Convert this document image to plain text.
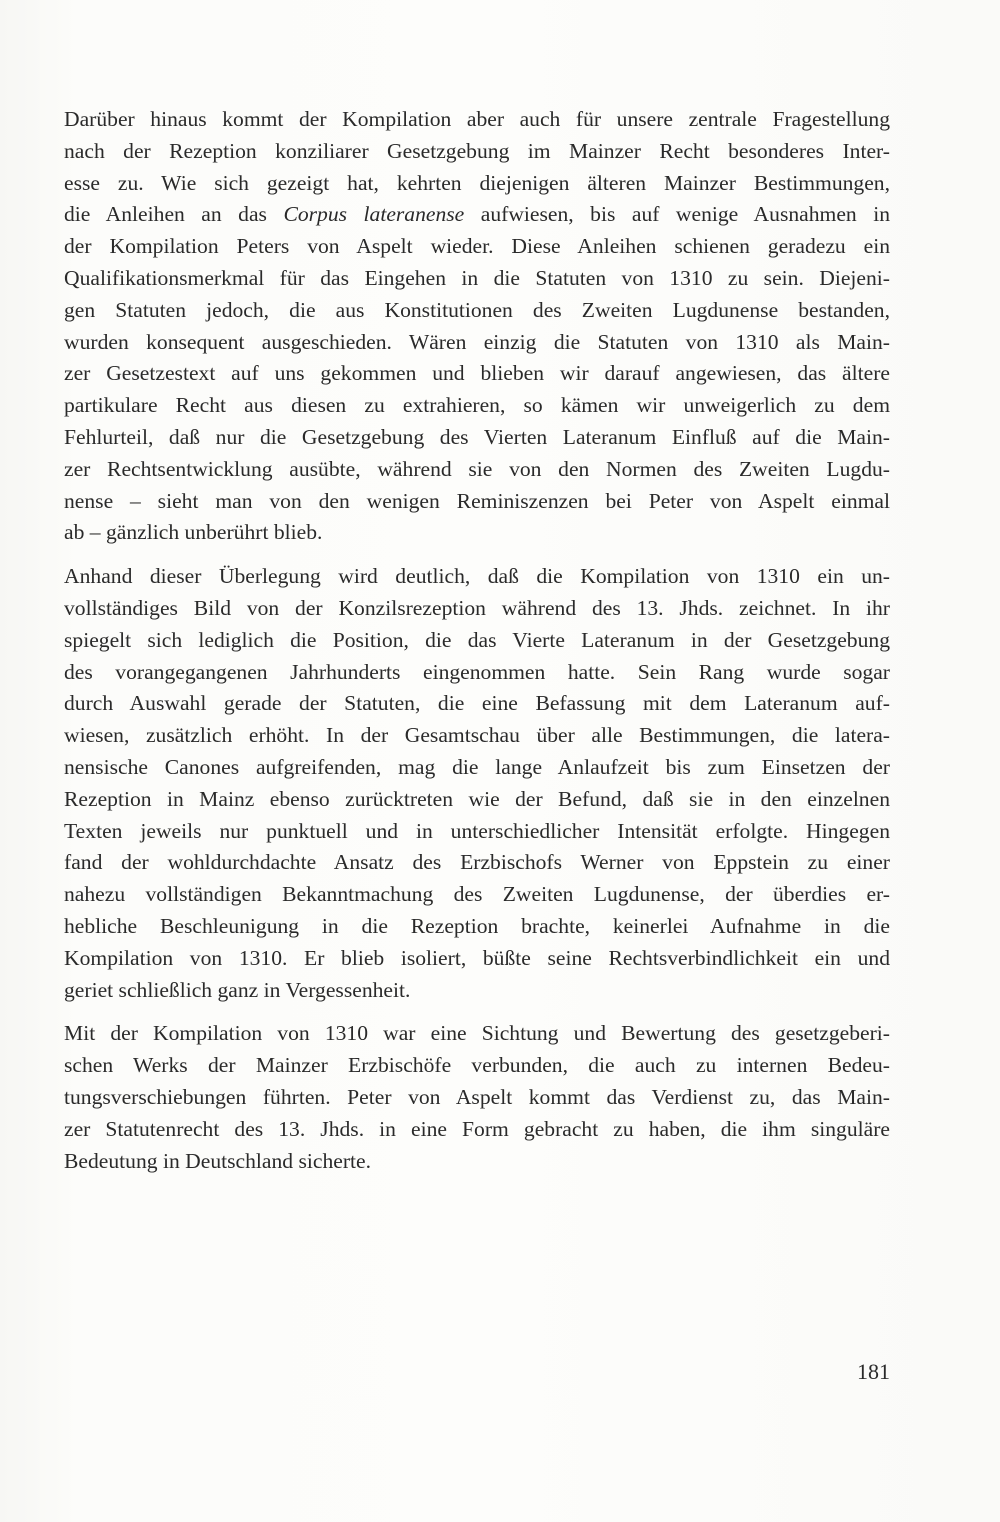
Darüber hinaus kommt der Kompilation aber auch für unsere zentrale Fragestellung
nach der Rezeption konziliarer Gesetzgebung im Mainzer Recht besonderes Inter-
esse zu. Wie sich gezeigt hat, kehrten diejenigen älteren Mainzer Bestimmungen,
die Anleihen an das Corpus lateranense aufwiesen, bis auf wenige Ausnahmen in
der Kompilation Peters von Aspelt wieder. Diese Anleihen schienen geradezu ein
Qualifikationsmerkmal für das Eingehen in die Statuten von 1310 zu sein. Diejeni-
gen Statuten jedoch, die aus Konstitutionen des Zweiten Lugdunense bestanden,
wurden konsequent ausgeschieden. Wären einzig die Statuten von 1310 als Main-
zer Gesetzestext auf uns gekommen und blieben wir darauf angewiesen, das ältere
partikulare Recht aus diesen zu extrahieren, so kämen wir unweigerlich zu dem
Fehlurteil, daß nur die Gesetzgebung des Vierten Lateranum Einfluß auf die Main-
zer Rechtsentwicklung ausübte, während sie von den Normen des Zweiten Lugdu-
nense – sieht man von den wenigen Reminiszenzen bei Peter von Aspelt einmal
ab – gänzlich unberührt blieb.

Anhand dieser Überlegung wird deutlich, daß die Kompilation von 1310 ein un-
vollständiges Bild von der Konzilsrezeption während des 13. Jhds. zeichnet. In ihr
spiegelt sich lediglich die Position, die das Vierte Lateranum in der Gesetzgebung
des vorangegangenen Jahrhunderts eingenommen hatte. Sein Rang wurde sogar
durch Auswahl gerade der Statuten, die eine Befassung mit dem Lateranum auf-
wiesen, zusätzlich erhöht. In der Gesamtschau über alle Bestimmungen, die latera-
nensische Canones aufgreifenden, mag die lange Anlaufzeit bis zum Einsetzen der
Rezeption in Mainz ebenso zurücktreten wie der Befund, daß sie in den einzelnen
Texten jeweils nur punktuell und in unterschiedlicher Intensität erfolgte. Hingegen
fand der wohldurchdachte Ansatz des Erzbischofs Werner von Eppstein zu einer
nahezu vollständigen Bekanntmachung des Zweiten Lugdunense, der überdies er-
hebliche Beschleunigung in die Rezeption brachte, keinerlei Aufnahme in die
Kompilation von 1310. Er blieb isoliert, büßte seine Rechtsverbindlichkeit ein und
geriet schließlich ganz in Vergessenheit.

Mit der Kompilation von 1310 war eine Sichtung und Bewertung des gesetzgeberi-
schen Werks der Mainzer Erzbischöfe verbunden, die auch zu internen Bedeu-
tungsverschiebungen führten. Peter von Aspelt kommt das Verdienst zu, das Main-
zer Statutenrecht des 13. Jhds. in eine Form gebracht zu haben, die ihm singuläre
Bedeutung in Deutschland sicherte.

181
